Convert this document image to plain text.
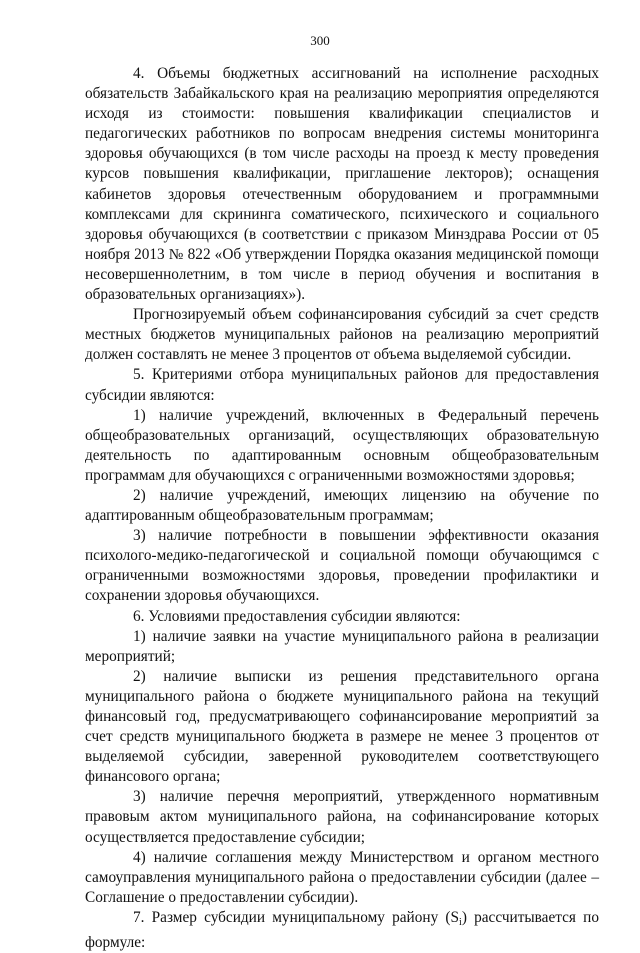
300

4. Объемы бюджетных ассигнований на исполнение расходных обязательств Забайкальского края на реализацию мероприятия определяются исходя из стоимости: повышения квалификации специалистов и педагогических работников по вопросам внедрения системы мониторинга здоровья обучающихся (в том числе расходы на проезд к месту проведения курсов повышения квалификации, приглашение лекторов); оснащения кабинетов здоровья отечественным оборудованием и программными комплексами для скрининга соматического, психического и социального здоровья обучающихся (в соответствии с приказом Минздрава России от 05 ноября 2013 № 822 «Об утверждении Порядка оказания медицинской помощи несовершеннолетним, в том числе в период обучения и воспитания в образовательных организациях»).

Прогнозируемый объем софинансирования субсидий за счет средств местных бюджетов муниципальных районов на реализацию мероприятий должен составлять не менее 3 процентов от объема выделяемой субсидии.

5. Критериями отбора муниципальных районов для предоставления субсидии являются:

1) наличие учреждений, включенных в Федеральный перечень общеобразовательных организаций, осуществляющих образовательную деятельность по адаптированным основным общеобразовательным программам для обучающихся с ограниченными возможностями здоровья;

2) наличие учреждений, имеющих лицензию на обучение по адаптированным общеобразовательным программам;

3) наличие потребности в повышении эффективности оказания психолого-медико-педагогической и социальной помощи обучающимся с ограниченными возможностями здоровья, проведении профилактики и сохранении здоровья обучающихся.

6. Условиями предоставления субсидии являются:

1) наличие заявки на участие муниципального района в реализации мероприятий;

2) наличие выписки из решения представительного органа муниципального района о бюджете муниципального района на текущий финансовый год, предусматривающего софинансирование мероприятий за счет средств муниципального бюджета в размере не менее 3 процентов от выделяемой субсидии, заверенной руководителем соответствующего финансового органа;

3) наличие перечня мероприятий, утвержденного нормативным правовым актом муниципального района, на софинансирование которых осуществляется предоставление субсидии;

4) наличие соглашения между Министерством и органом местного самоуправления муниципального района о предоставлении субсидии (далее – Соглашение о предоставлении субсидии).

7. Размер субсидии муниципальному району $(S_i)$ рассчитывается по формуле:
